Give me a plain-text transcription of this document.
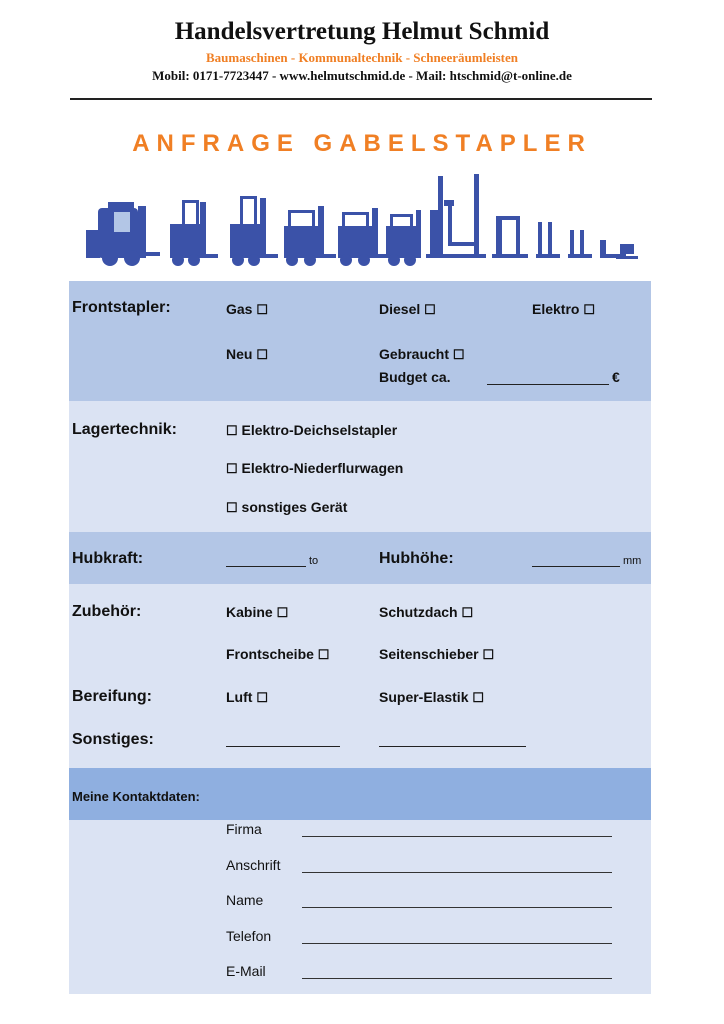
Handelsvertretung Helmut Schmid
Baumaschinen - Kommunaltechnik - Schneeräumleisten
Mobil: 0171-7723447 - www.helmutschmid.de - Mail: htschmid@t-online.de
ANFRAGE GABELSTAPLER
Frontstapler:	Gas ☐	Diesel ☐	Elektro ☐
Neu ☐	Gebraucht ☐
Budget ca.	€
Lagertechnik:	☐ Elektro-Deichselstapler
☐ Elektro-Niederflurwagen
☐ sonstiges Gerät
Hubkraft:	to	Hubhöhe:	mm
Zubehör:	Kabine ☐	Schutzdach ☐
Frontscheibe ☐	Seitenschieber ☐
Bereifung:	Luft ☐	Super-Elastik ☐
Sonstiges:
Meine Kontaktdaten:
Firma
Anschrift
Name
Telefon
E-Mail
